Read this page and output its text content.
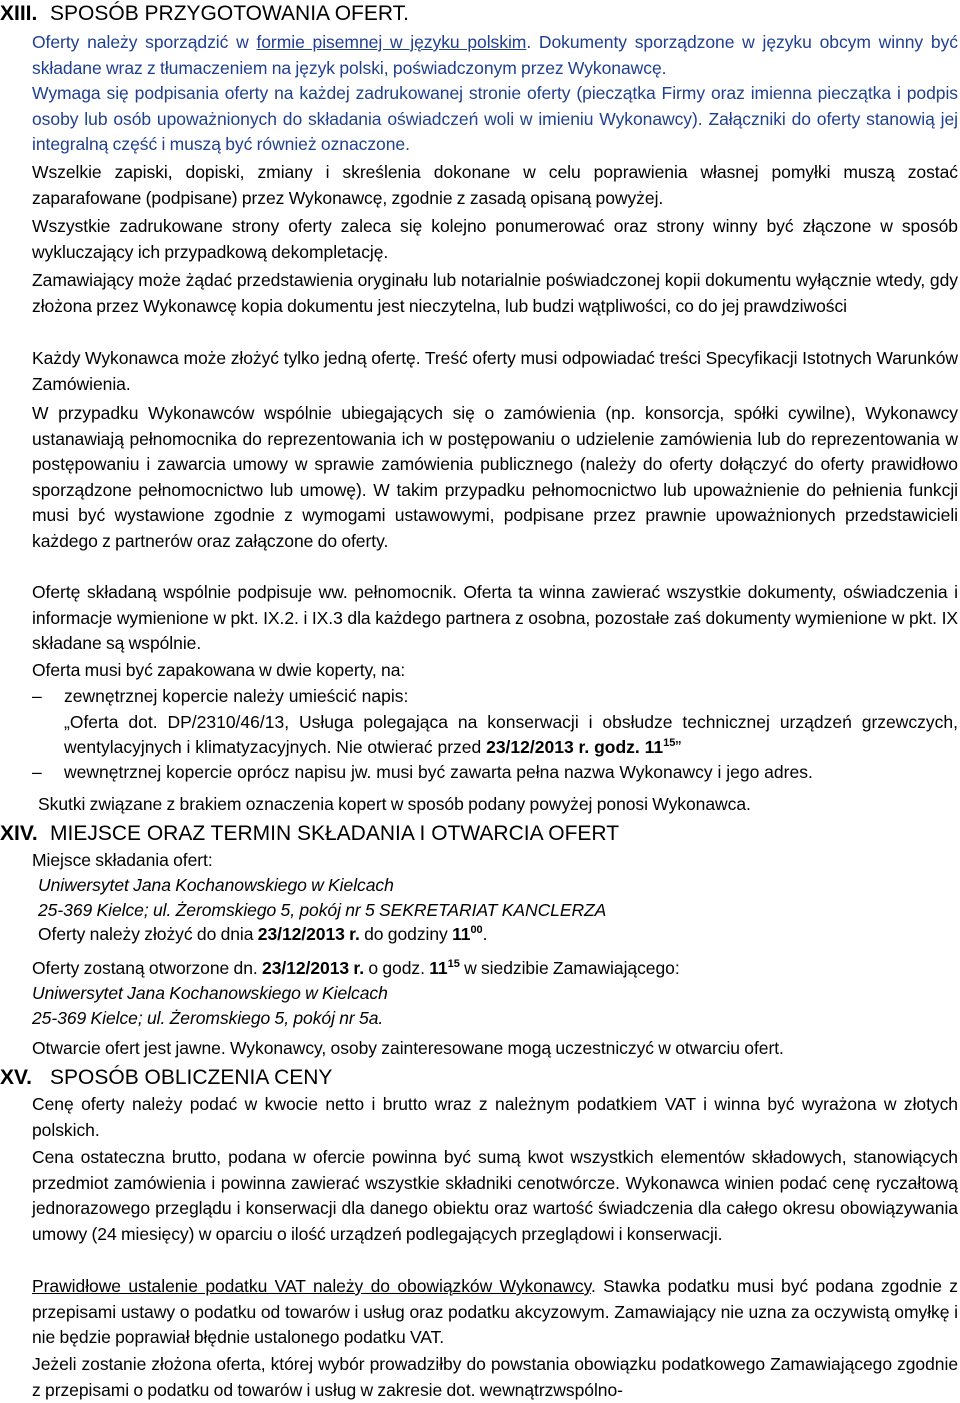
XIII. SPOSÓB PRZYGOTOWANIA OFERT.
Oferty należy sporządzić w formie pisemnej w języku polskim. Dokumenty sporządzone w języku obcym winny być składane wraz z tłumaczeniem na język polski, poświadczonym przez Wykonawcę.
Wymaga się podpisania oferty na każdej zadrukowanej stronie oferty (pieczątka Firmy oraz imienna pieczątka i podpis osoby lub osób upoważnionych do składania oświadczeń woli w imieniu Wykonawcy). Załączniki do oferty stanowią jej integralną część i muszą być również oznaczone.
Wszelkie zapiski, dopiski, zmiany i skreślenia dokonane w celu poprawienia własnej pomyłki muszą zostać zaparafowane (podpisane) przez Wykonawcę, zgodnie z zasadą opisaną powyżej.
Wszystkie zadrukowane strony oferty zaleca się kolejno ponumerować oraz strony winny być złączone w sposób wykluczający ich przypadkową dekompletację.
Zamawiający może żądać przedstawienia oryginału lub notarialnie poświadczonej kopii dokumentu wyłącznie wtedy, gdy złożona przez Wykonawcę kopia dokumentu jest nieczytelna, lub budzi wątpliwości, co do jej prawdziwości
Każdy Wykonawca może złożyć tylko jedną ofertę. Treść oferty musi odpowiadać treści Specyfikacji Istotnych Warunków Zamówienia.
W przypadku Wykonawców wspólnie ubiegających się o zamówienia (np. konsorcja, spółki cywilne), Wykonawcy ustanawiają pełnomocnika do reprezentowania ich w postępowaniu o udzielenie zamówienia lub do reprezentowania w postępowaniu i zawarcia umowy w sprawie zamówienia publicznego (należy do oferty dołączyć do oferty prawidłowo sporządzone pełnomocnictwo lub umowę). W takim przypadku pełnomocnictwo lub upoważnienie do pełnienia funkcji musi być wystawione zgodnie z wymogami ustawowymi, podpisane przez prawnie upoważnionych przedstawicieli każdego z partnerów oraz załączone do oferty.
Ofertę składaną wspólnie podpisuje ww. pełnomocnik. Oferta ta winna zawierać wszystkie dokumenty, oświadczenia i informacje wymienione w pkt. IX.2. i IX.3 dla każdego partnera z osobna, pozostałe zaś dokumenty wymienione w pkt. IX składane są wspólnie.
Oferta musi być zapakowana w dwie koperty, na:
–	zewnętrznej kopercie należy umieścić napis:
„Oferta dot. DP/2310/46/13, Usługa polegająca na konserwacji i obsłudze technicznej urządzeń grzewczych, wentylacyjnych i klimatyzacyjnych. Nie otwierać przed 23/12/2013 r. godz. $11^{15}$”
–	wewnętrznej kopercie oprócz napisu jw. musi być zawarta pełna nazwa Wykonawcy i jego adres.
Skutki związane z brakiem oznaczenia kopert w sposób podany powyżej ponosi Wykonawca.
XIV. MIEJSCE ORAZ TERMIN SKŁADANIA I OTWARCIA OFERT
Miejsce składania ofert:
Uniwersytet Jana Kochanowskiego w Kielcach
25-369 Kielce; ul. Żeromskiego 5, pokój nr 5 SEKRETARIAT KANCLERZA
Oferty należy złożyć do dnia 23/12/2013 r. do godziny $11^{00}$.
Oferty zostaną otworzone dn. 23/12/2013 r. o godz. $11^{15}$ w siedzibie Zamawiającego:
Uniwersytet Jana Kochanowskiego w Kielcach
25-369 Kielce; ul. Żeromskiego 5, pokój nr 5a.
Otwarcie ofert jest jawne. Wykonawcy, osoby zainteresowane mogą uczestniczyć w otwarciu ofert.
XV. SPOSÓB OBLICZENIA CENY
Cenę oferty należy podać w kwocie netto i brutto wraz z należnym podatkiem VAT i winna być wyrażona w złotych polskich.
Cena ostateczna brutto, podana w ofercie powinna być sumą kwot wszystkich elementów składowych, stanowiących przedmiot zamówienia i powinna zawierać wszystkie składniki cenotwórcze. Wykonawca winien podać cenę ryczałtową jednorazowego przeglądu i konserwacji dla danego obiektu oraz wartość świadczenia dla całego okresu obowiązywania umowy (24 miesięcy) w oparciu o ilość urządzeń podlegających przeglądowi i konserwacji.
Prawidłowe ustalenie podatku VAT należy do obowiązków Wykonawcy. Stawka podatku musi być podana zgodnie z przepisami ustawy o podatku od towarów i usług oraz podatku akcyzowym. Zamawiający nie uzna za oczywistą omyłkę i nie będzie poprawiał błędnie ustalonego podatku VAT.
Jeżeli zostanie złożona oferta, której wybór prowadziłby do powstania obowiązku podatkowego Zamawiającego zgodnie z przepisami o podatku od towarów i usług w zakresie dot. wewnątrzwspólno-
